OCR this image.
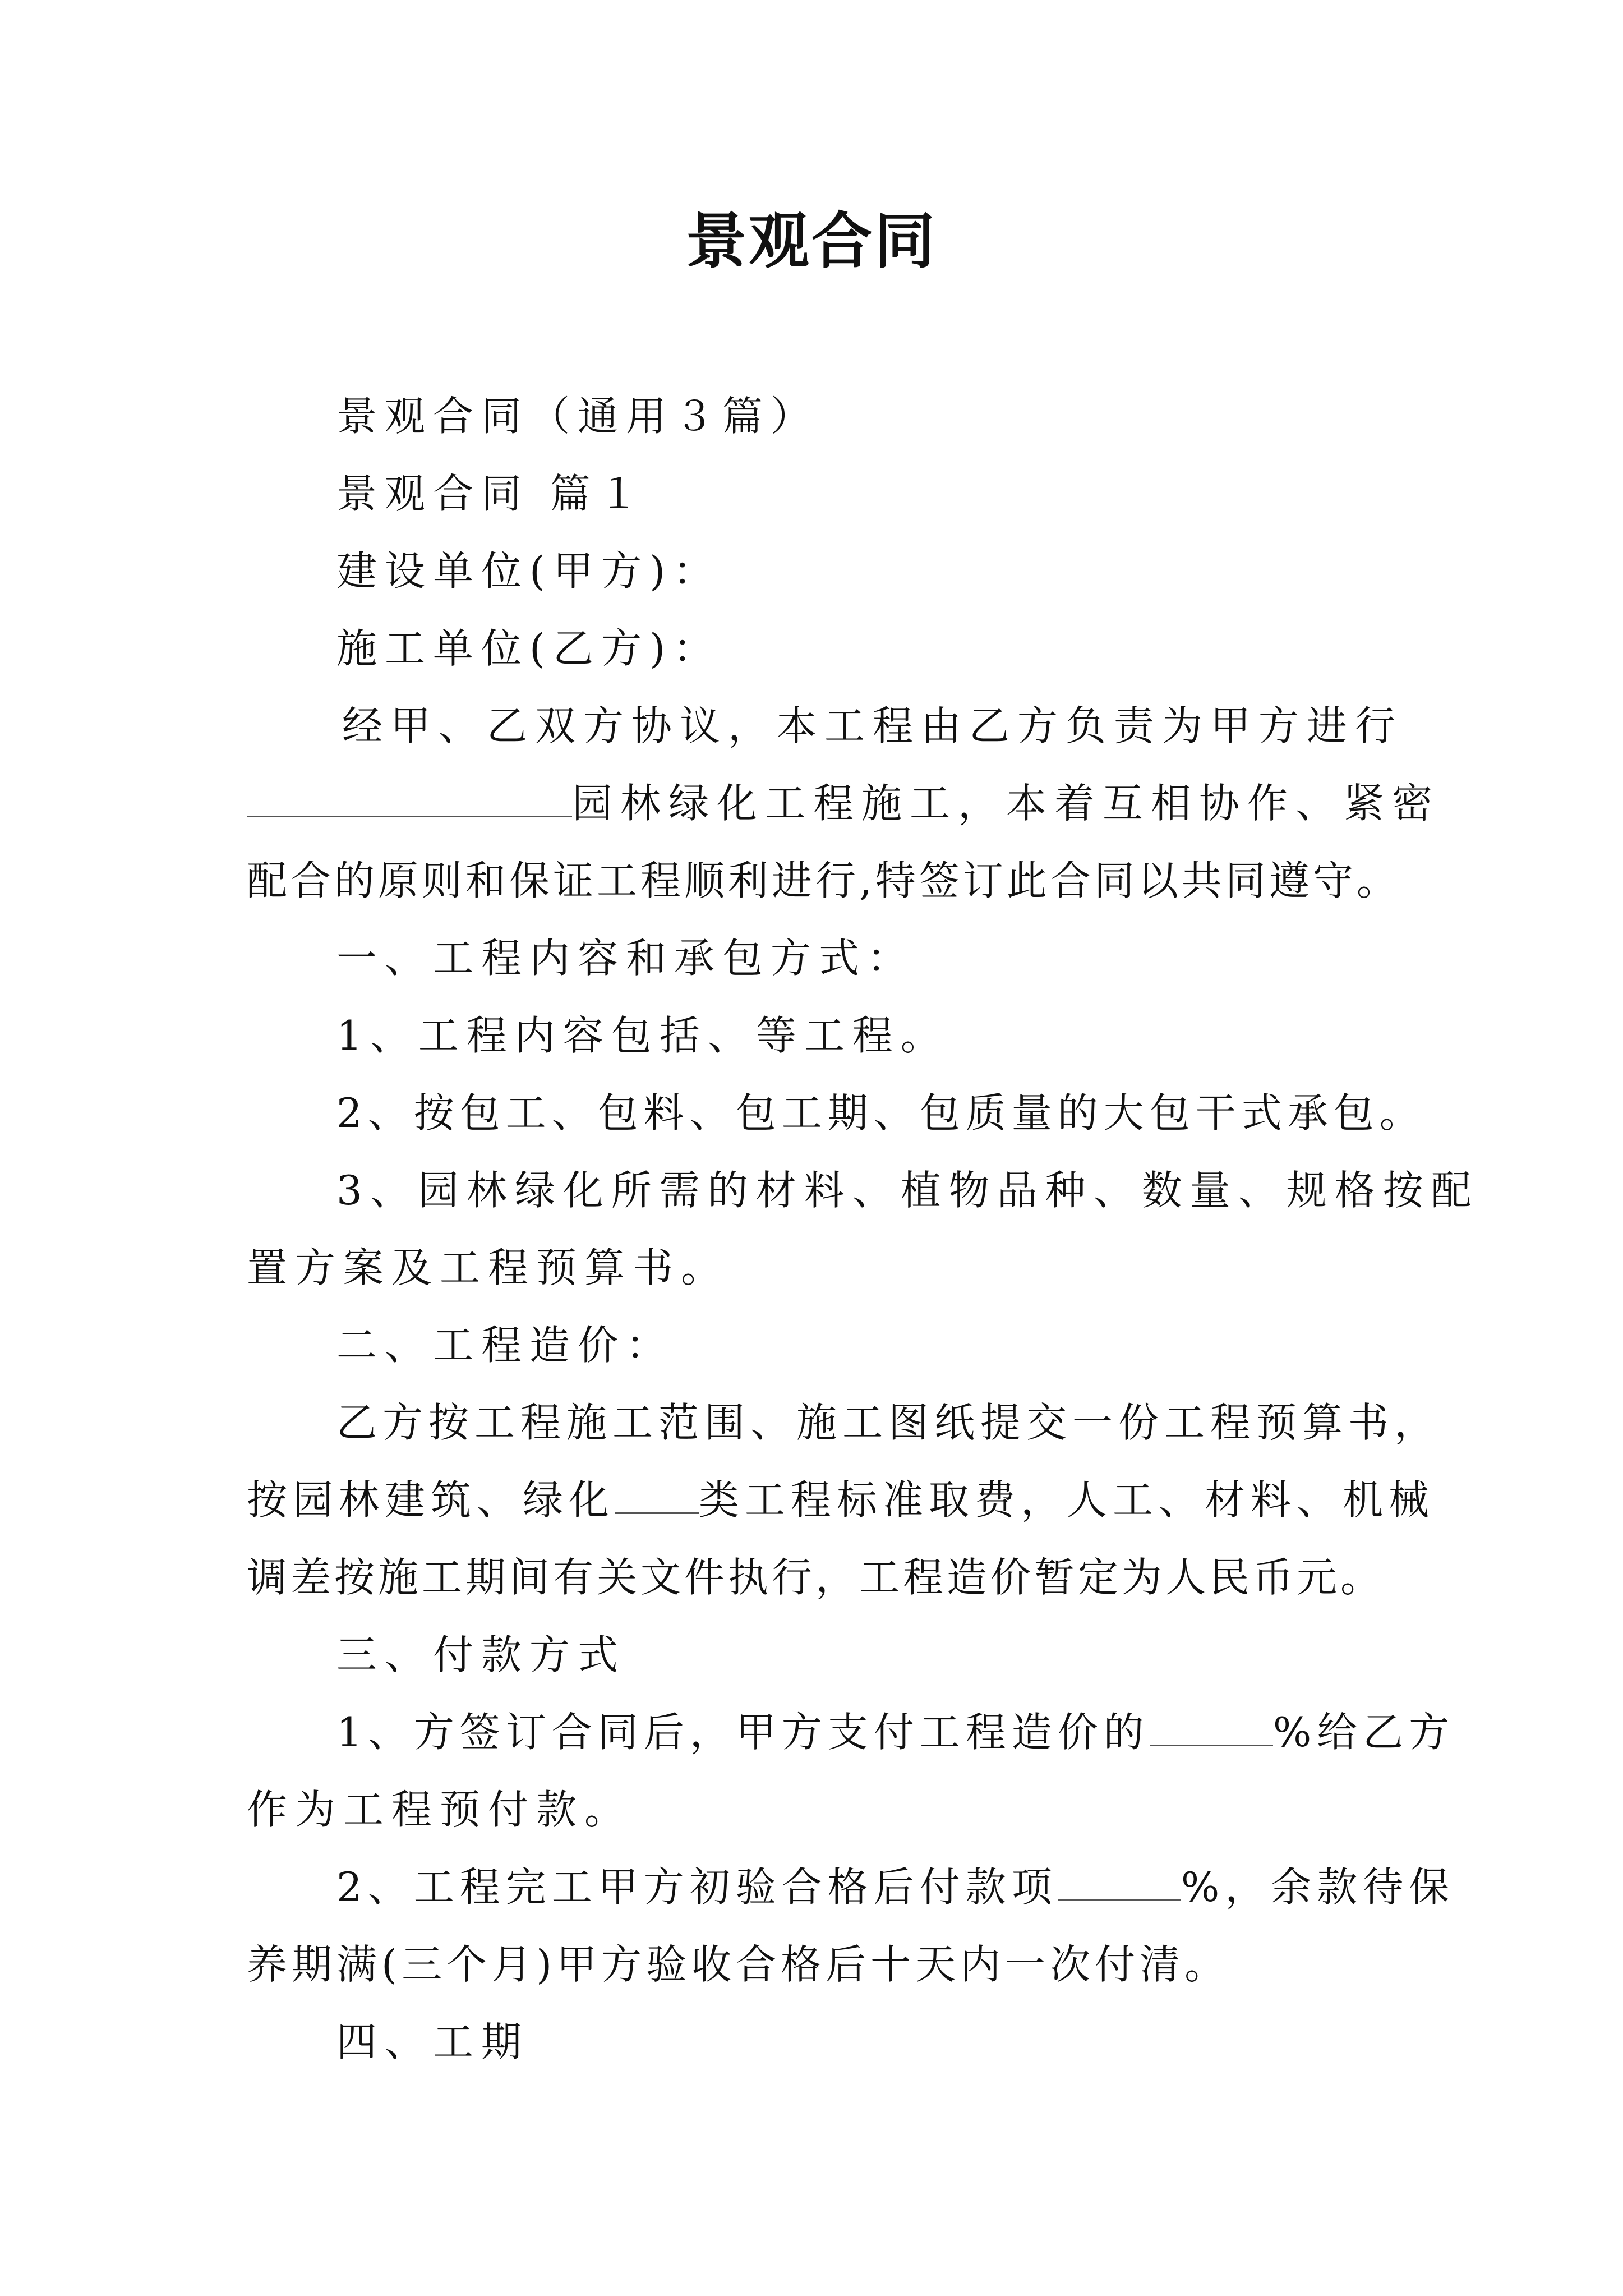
景观合同
景观合同（通用３篇）
景观合同 篇１
建设单位(甲方)：
施工单位(乙方)：
经甲、乙双方协议，本工程由乙方负责为甲方进行
园林绿化工程施工，本着互相协作、紧密
配合的原则和保证工程顺利进行,特签订此合同以共同遵守。
一、工程内容和承包方式：
1、工程内容包括、等工程。
2、按包工、包料、包工期、包质量的大包干式承包。
3、园林绿化所需的材料、植物品种、数量、规格按配
置方案及工程预算书。
二、工程造价：
乙方按工程施工范围、施工图纸提交一份工程预算书，
按园林建筑、绿化 类工程标准取费，人工、材料、机械
调差按施工期间有关文件执行，工程造价暂定为人民币元。
三、付款方式
1、方签订合同后，甲方支付工程造价的	%给乙方
作为工程预付款。
2、工程完工甲方初验合格后付款项	%，余款待保
养期满(三个月)甲方验收合格后十天内一次付清。
四、工期
